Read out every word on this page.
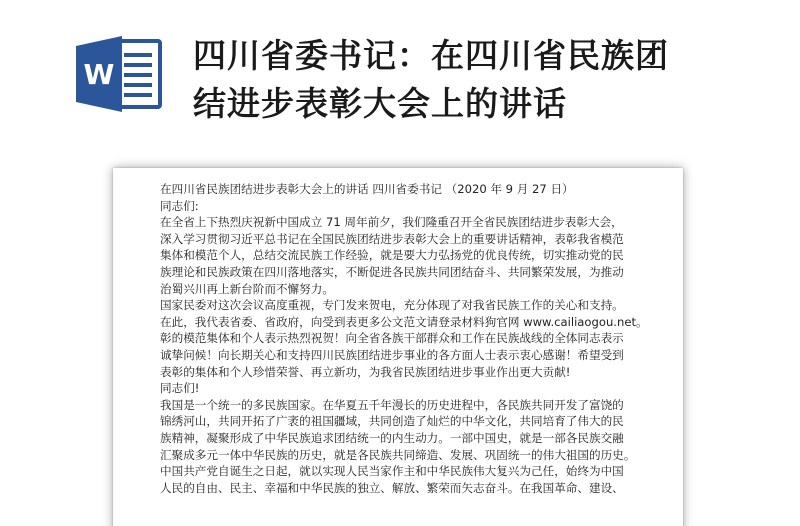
W 四川省委书记：在四川省民族团
结进步表彰大会上的讲话
在四川省民族团结进步表彰大会上的讲话 四川省委书记 （2020 年 9 月 27 日）
同志们:
在全省上下热烈庆祝新中国成立 71 周年前夕，我们隆重召开全省民族团结进步表彰大会，
深入学习贯彻习近平总书记在全国民族团结进步表彰大会上的重要讲话精神，表彰我省模范
集体和模范个人，总结交流民族工作经验，就是要大力弘扬党的优良传统，切实推动党的民
族理论和民族政策在四川落地落实，不断促进各民族共同团结奋斗、共同繁荣发展，为推动
治蜀兴川再上新台阶而不懈努力。
国家民委对这次会议高度重视，专门发来贺电，充分体现了对我省民族工作的关心和支持。
在此，我代表省委、省政府，向受到表更多公文范文请登录材料狗官网 www.cailiaogou.net。
彰的模范集体和个人表示热烈祝贺！向全省各族干部群众和工作在民族战线的全体同志表示
诚挚问候！向长期关心和支持四川民族团结进步事业的各方面人士表示衷心感谢！希望受到
表彰的集体和个人珍惜荣誉、再立新功，为我省民族团结进步事业作出更大贡献!
同志们!
我国是一个统一的多民族国家。在华夏五千年漫长的历史进程中，各民族共同开发了富饶的
锦绣河山，共同开拓了广袤的祖国疆域，共同创造了灿烂的中华文化，共同培育了伟大的民
族精神，凝聚形成了中华民族追求团结统一的内生动力。一部中国史，就是一部各民族交融
汇聚成多元一体中华民族的历史，就是各民族共同缔造、发展、巩固统一的伟大祖国的历史。
中国共产党自诞生之日起，就以实现人民当家作主和中华民族伟大复兴为己任，始终为中国
人民的自由、民主、幸福和中华民族的独立、解放、繁荣而矢志奋斗。在我国革命、建设、
